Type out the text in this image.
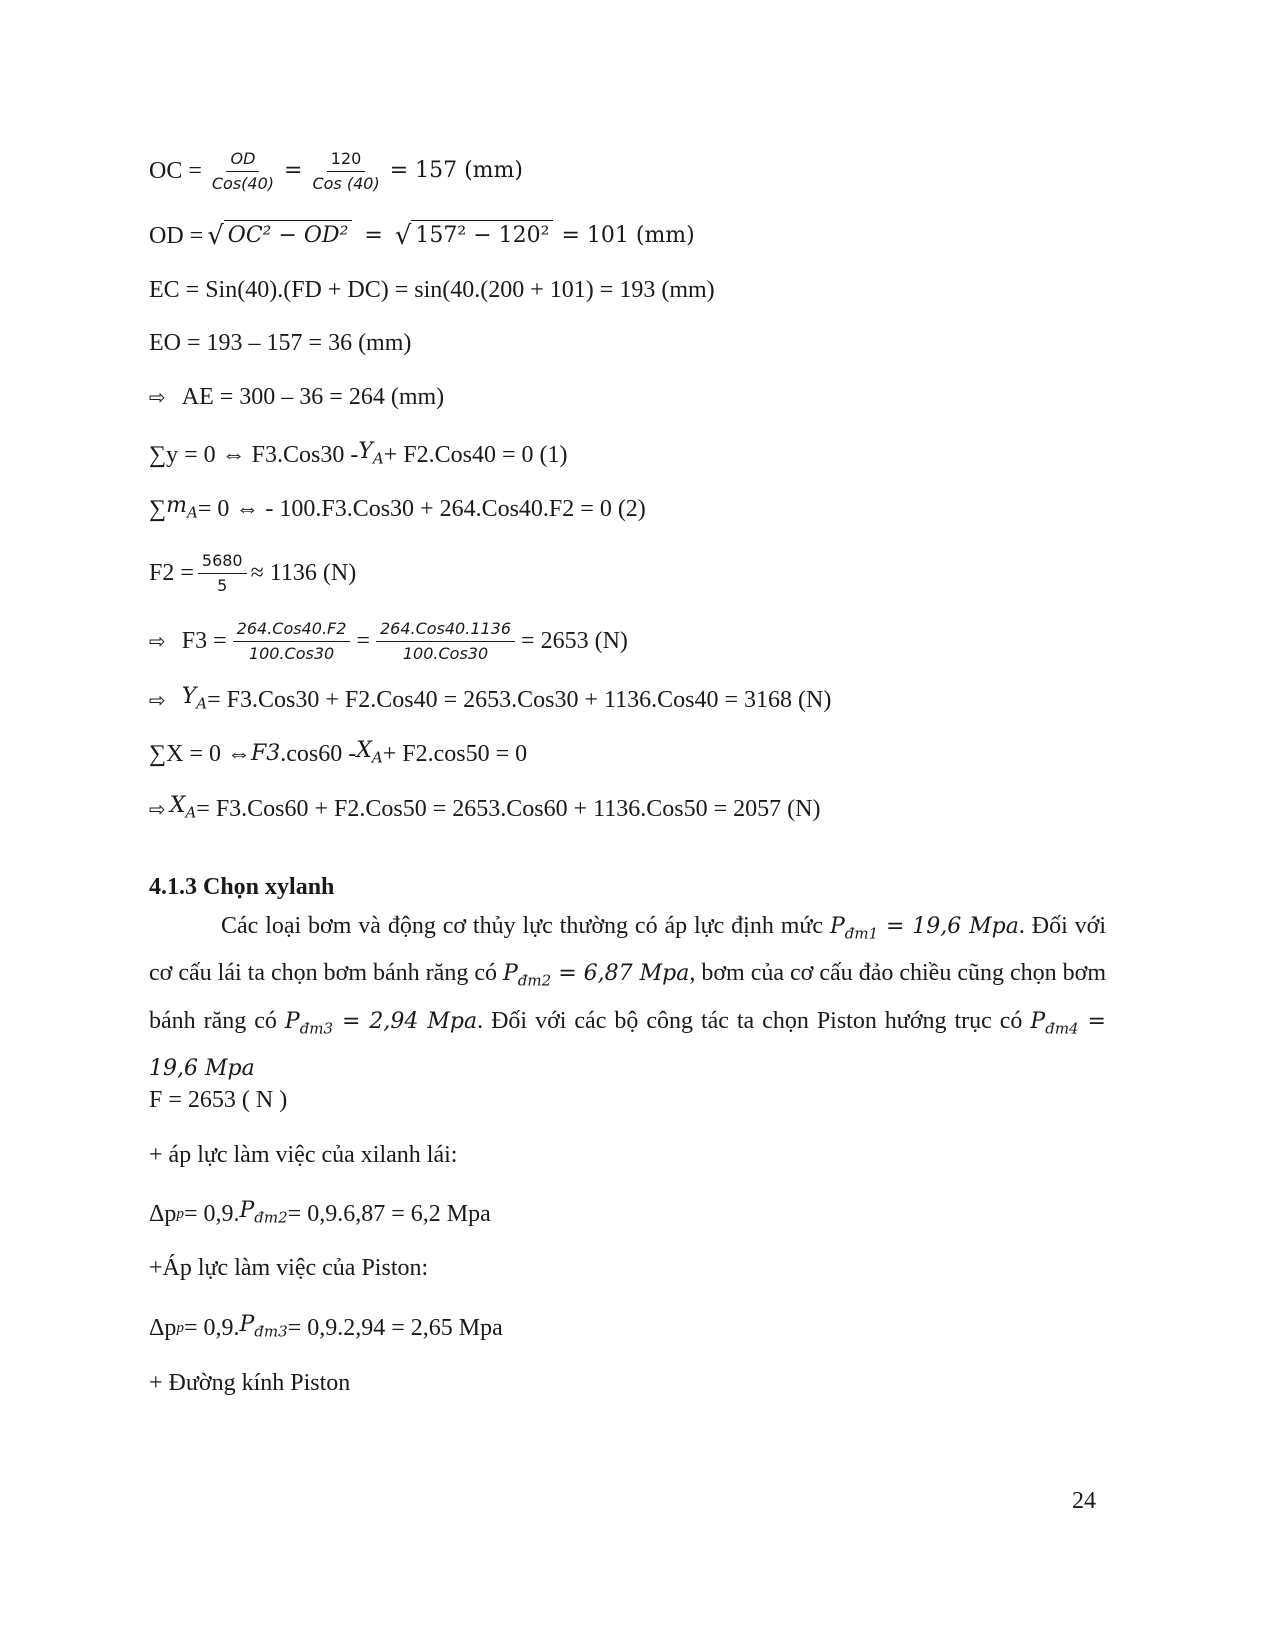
OC = $\frac{OD}{\text{Cos(40)}} = \frac{120}{\text{Cos (40)}} = 157$ (mm)
OD = √ OC² − OD² = √ 157² − 120² = 101 (mm)
EC = Sin(40).(FD + DC) = sin(40.(200 + 101) = 193 (mm)
EO = 193 – 157 = 36 (mm)
⇨ AE = 300 – 36 = 264 (mm)
∑y = 0 ⇔ $F3.Cos30 - Y_A + F2.Cos40 = 0$ (1)
∑ $m_A = 0$ ⇔ - 100.F3.Cos30 + 264.Cos40.F2 = 0 (2)
$F2 = \frac{5680}{5} \approx 1136$ (N)
⇨ $F3 = \frac{\text{264.Cos40.F2}}{\text{100.Cos30}} = \frac{\text{264.Cos40.1136}}{\text{100.Cos30}} = 2653$ (N)
⇨ $Y_A = F3.Cos30 + F2.Cos40 = 2653.Cos30 + 1136.Cos40 = 3168$ (N)
∑X = 0 ⇔ F3 $.\cos 60 - X_A + F2.\cos 50 = 0$
⇨ $X_A = F3.Cos60 + F2.Cos50 = 2653.Cos60 + 1136.Cos50 = 2057$ (N)
4.1.3 Chọn xylanh
Các loại bơm và động cơ thủy lực thường có áp lực định mức $P_{đm1} = 19,6$ Mpa. Đối với cơ cấu lái ta chọn bơm bánh răng có $P_{đm2} = 6,87$ Mpa, bơm của cơ cấu đảo chiều cũng chọn bơm bánh răng có $P_{đm3} = 2,94$ Mpa. Đối với các bộ công tác ta chọn Piston hướng trục có $P_{đm4} = 19,6$ Mpa
F = 2653 ( N )
+ áp lực làm việc của xilanh lái:
Δp p = 0,9. $P_{đm2} = 0,9.6,87 = 6,2$ Mpa
+Áp lực làm việc của Piston:
Δp p = 0,9. $P_{đm3} = 0,9.2,94 = 2,65$ Mpa
+ Đường kính Piston
24
